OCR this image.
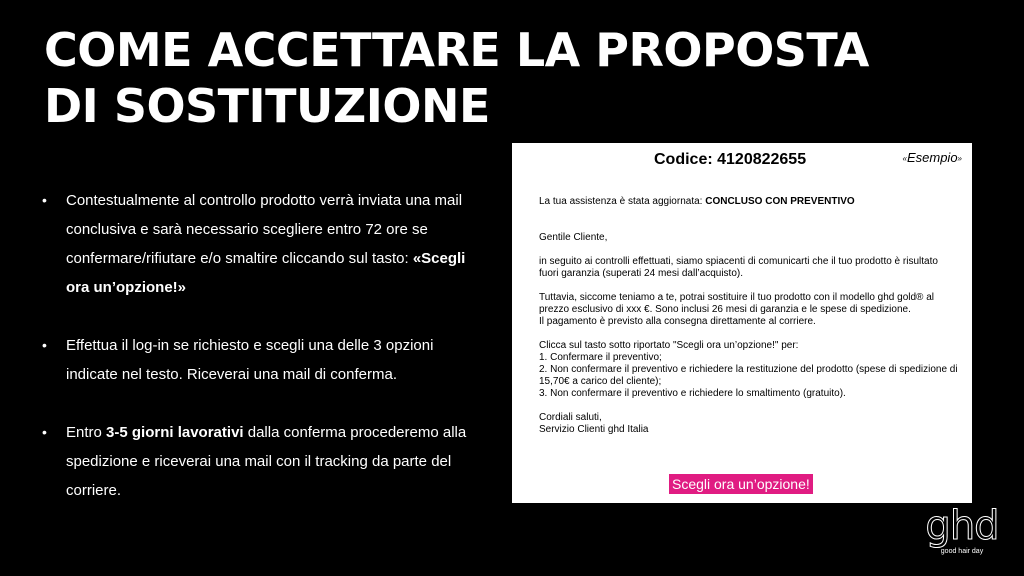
COME ACCETTARE LA PROPOSTA
DI SOSTITUZIONE
• Contestualmente al controllo prodotto verrà inviata una mail conclusiva e sarà necessario scegliere entro 72 ore se confermare/rifiutare e/o smaltire cliccando sul tasto: «Scegli ora un’opzione!»
• Effettua il log-in se richiesto e scegli una delle 3 opzioni indicate nel testo. Riceverai una mail di conferma.
• Entro 3-5 giorni lavorativi dalla conferma procederemo alla spedizione e riceverai una mail con il tracking da parte del corriere.
Codice: 4120822655	«Esempio»

La tua assistenza è stata aggiornata: CONCLUSO CON PREVENTIVO

Gentile Cliente,

in seguito ai controlli effettuati, siamo spiacenti di comunicarti che il tuo prodotto è risultato fuori garanzia (superati 24 mesi dall’acquisto).

Tuttavia, siccome teniamo a te, potrai sostituire il tuo prodotto con il modello ghd gold® al prezzo esclusivo di xxx €. Sono inclusi 26 mesi di garanzia e le spese di spedizione.
Il pagamento è previsto alla consegna direttamente al corriere.

Clicca sul tasto sotto riportato "Scegli ora un’opzione!" per:
1. Confermare il preventivo;
2. Non confermare il preventivo e richiedere la restituzione del prodotto (spese di spedizione di 15,70€ a carico del cliente);
3. Non confermare il preventivo e richiedere lo smaltimento (gratuito).

Cordiali saluti,
Servizio Clienti ghd Italia

Scegli ora un’opzione!
ghd
good hair day
